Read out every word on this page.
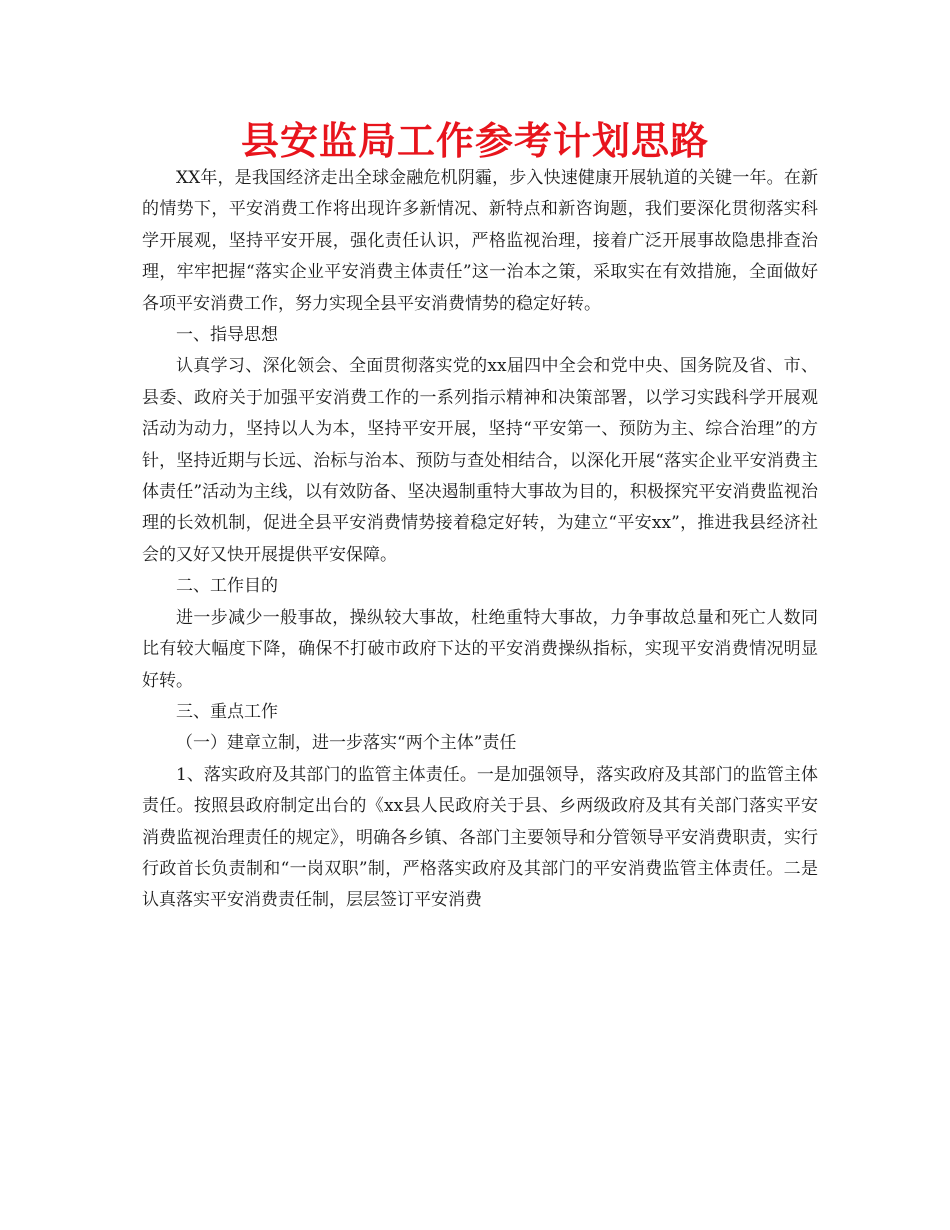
县安监局工作参考计划思路

XX年，是我国经济走出全球金融危机阴霾，步入快速健康开展轨道的关键一年。在新的情势下，平安消费工作将出现许多新情况、新特点和新咨询题，我们要深化贯彻落实科学开展观，坚持平安开展，强化责任认识，严格监视治理，接着广泛开展事故隐患排查治理，牢牢把握“落实企业平安消费主体责任”这一治本之策，采取实在有效措施，全面做好各项平安消费工作，努力实现全县平安消费情势的稳定好转。

一、指导思想

认真学习、深化领会、全面贯彻落实党的xx届四中全会和党中央、国务院及省、市、县委、政府关于加强平安消费工作的一系列指示精神和决策部署，以学习实践科学开展观活动为动力，坚持以人为本，坚持平安开展，坚持“平安第一、预防为主、综合治理”的方针，坚持近期与长远、治标与治本、预防与查处相结合，以深化开展“落实企业平安消费主体责任”活动为主线，以有效防备、坚决遏制重特大事故为目的，积极探究平安消费监视治理的长效机制，促进全县平安消费情势接着稳定好转，为建立“平安xx”，推进我县经济社会的又好又快开展提供平安保障。

二、工作目的

进一步减少一般事故，操纵较大事故，杜绝重特大事故，力争事故总量和死亡人数同比有较大幅度下降，确保不打破市政府下达的平安消费操纵指标，实现平安消费情况明显好转。

三、重点工作

（一）建章立制，进一步落实“两个主体”责任

1、落实政府及其部门的监管主体责任。一是加强领导，落实政府及其部门的监管主体责任。按照县政府制定出台的《xx县人民政府关于县、乡两级政府及其有关部门落实平安消费监视治理责任的规定》，明确各乡镇、各部门主要领导和分管领导平安消费职责，实行行政首长负责制和“一岗双职”制，严格落实政府及其部门的平安消费监管主体责任。二是认真落实平安消费责任制，层层签订平安消费
